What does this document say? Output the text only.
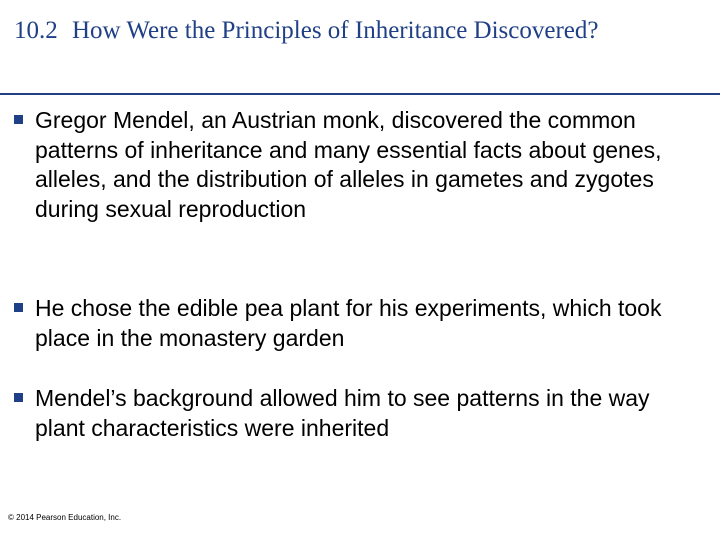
10.2 How Were the Principles of Inheritance Discovered?
Gregor Mendel, an Austrian monk, discovered the common patterns of inheritance and many essential facts about genes, alleles, and the distribution of alleles in gametes and zygotes during sexual reproduction
He chose the edible pea plant for his experiments, which took place in the monastery garden
Mendel’s background allowed him to see patterns in the way plant characteristics were inherited
© 2014 Pearson Education, Inc.
